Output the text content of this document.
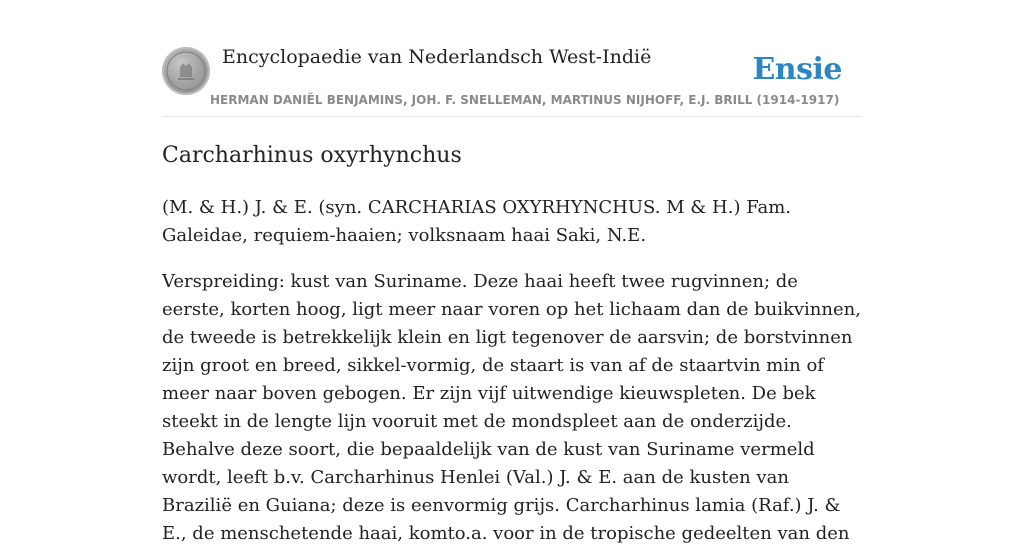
Encyclopaedie van Nederlandsch West-Indië	Ensie
HERMAN DANIËL BENJAMINS, JOH. F. SNELLEMAN, MARTINUS NIJHOFF, E.J. BRILL (1914-1917)
Carcharhinus oxyrhynchus

(M. & H.) J. & E. (syn. CARCHARIAS OXYRHYNCHUS. M & H.) Fam. Galeidae, requiem-haaien; volksnaam haai Saki, N.E.

Verspreiding: kust van Suriname. Deze haai heeft twee rugvinnen; de eerste, korten hoog, ligt meer naar voren op het lichaam dan de buikvinnen, de tweede is betrekkelijk klein en ligt tegenover de aarsvin; de borstvinnen zijn groot en breed, sikkel-vormig, de staart is van af de staartvin min of meer naar boven gebogen. Er zijn vijf uitwendige kieuwspleten. De bek steekt in de lengte lijn vooruit met de mondspleet aan de onderzijde. Behalve deze soort, die bepaaldelijk van de kust van Suriname vermeld wordt, leeft b.v. Carcharhinus Henlei (Val.) J. & E. aan de kusten van Brazilië en Guiana; deze is eenvormig grijs. Carcharhinus lamia (Raf.) J. & E., de menschetende haai, komto.a. voor in de tropische gedeelten van den
